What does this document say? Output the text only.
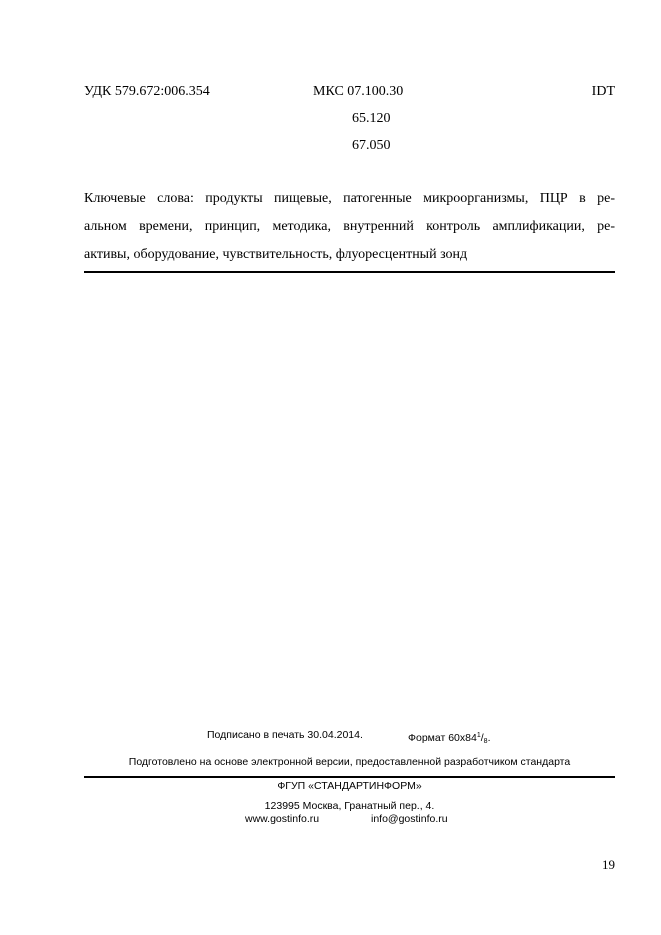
УДК 579.672:006.354	МКС 07.100.30	IDT
65.120
67.050
Ключевые слова: продукты пищевые, патогенные микроорганизмы, ПЦР в ре-
альном времени, принцип, методика, внутренний контроль амплификации, ре-
активы, оборудование, чувствительность, флуоресцентный зонд
Подписано в печать 30.04.2014.	Формат $60x84^1/_8$.
Подготовлено на основе электронной версии, предоставленной разработчиком стандарта
ФГУП «СТАНДАРТИНФОРМ»
123995 Москва, Гранатный пер., 4.
www.gostinfo.ru	info@gostinfo.ru
19
